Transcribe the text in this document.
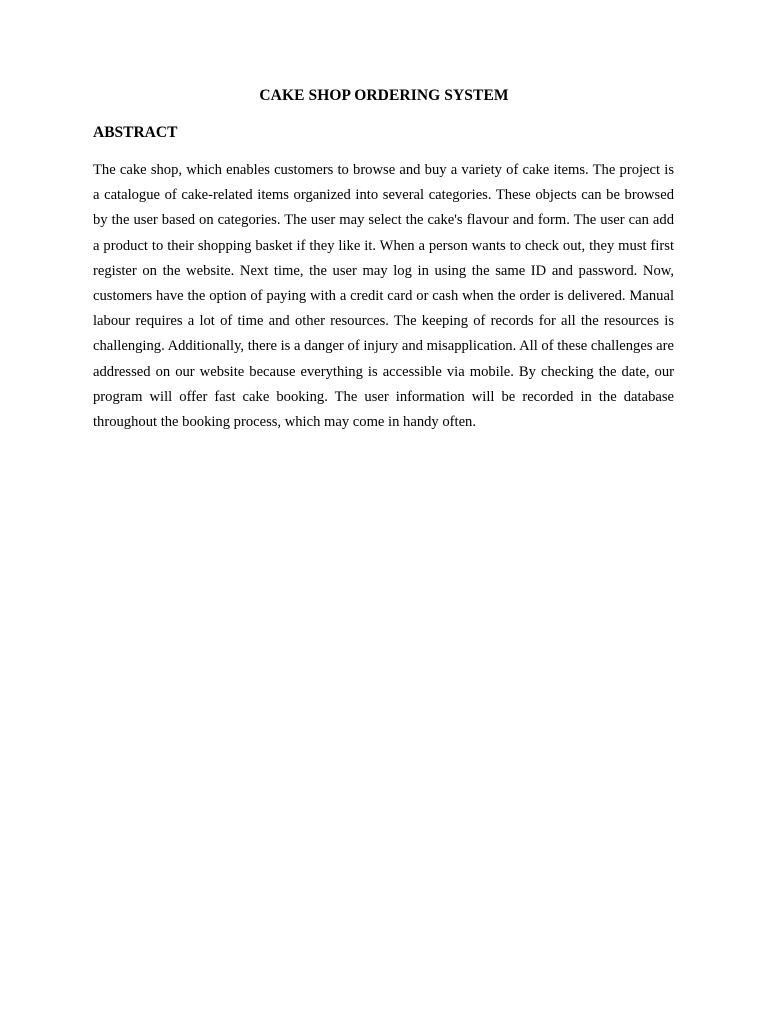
CAKE SHOP ORDERING SYSTEM
ABSTRACT

The cake shop, which enables customers to browse and buy a variety of cake items. The project is a catalogue of cake-related items organized into several categories. These objects can be browsed by the user based on categories. The user may select the cake's flavour and form. The user can add a product to their shopping basket if they like it. When a person wants to check out, they must first register on the website. Next time, the user may log in using the same ID and password. Now, customers have the option of paying with a credit card or cash when the order is delivered. Manual labour requires a lot of time and other resources. The keeping of records for all the resources is challenging. Additionally, there is a danger of injury and misapplication. All of these challenges are addressed on our website because everything is accessible via mobile. By checking the date, our program will offer fast cake booking. The user information will be recorded in the database throughout the booking process, which may come in handy often.
